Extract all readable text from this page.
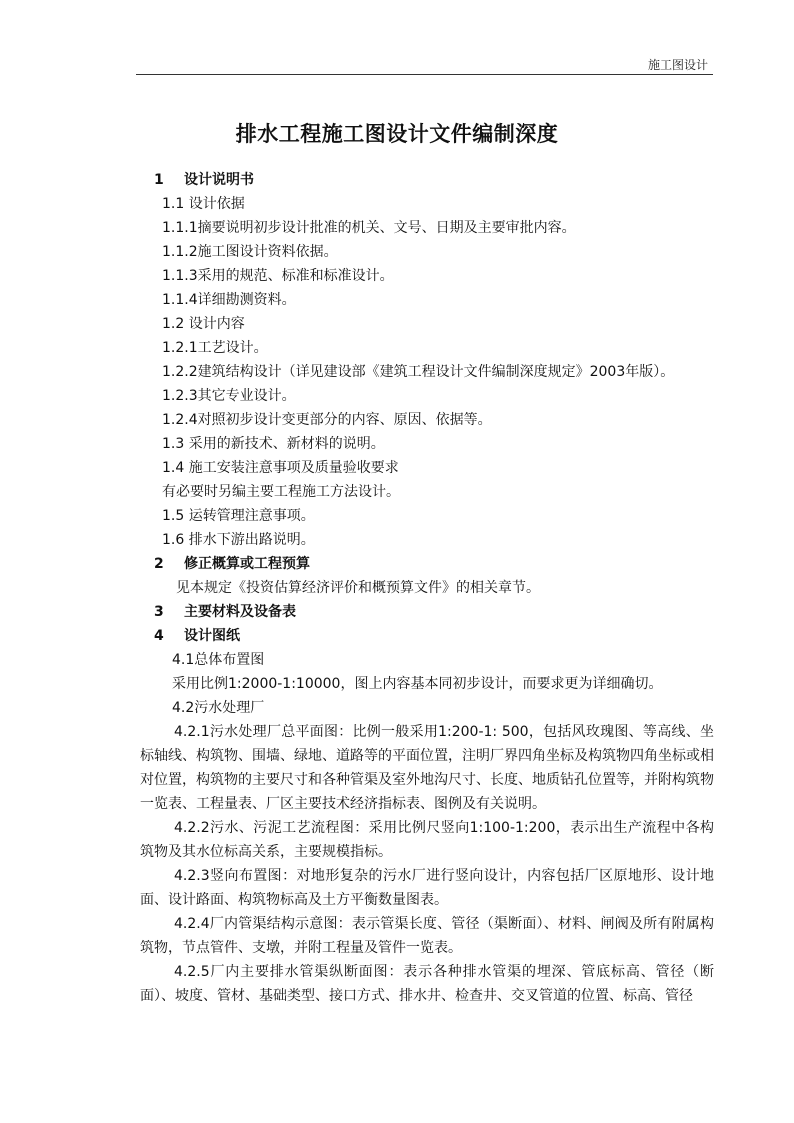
施工图设计
排水工程施工图设计文件编制深度
1 设计说明书
1.1 设计依据
1.1.1摘要说明初步设计批准的机关、文号、日期及主要审批内容。
1.1.2施工图设计资料依据。
1.1.3采用的规范、标准和标准设计。
1.1.4详细勘测资料。
1.2 设计内容
1.2.1工艺设计。
1.2.2建筑结构设计（详见建设部《建筑工程设计文件编制深度规定》2003年版）。
1.2.3其它专业设计。
1.2.4对照初步设计变更部分的内容、原因、依据等。
1.3 采用的新技术、新材料的说明。
1.4 施工安装注意事项及质量验收要求
有必要时另编主要工程施工方法设计。
1.5 运转管理注意事项。
1.6 排水下游出路说明。
2 修正概算或工程预算
见本规定《投资估算经济评价和概预算文件》的相关章节。
3 主要材料及设备表
4 设计图纸
4.1总体布置图
采用比例1:2000-1:10000，图上内容基本同初步设计，而要求更为详细确切。
4.2污水处理厂
4.2.1污水处理厂总平面图：比例一般采用1:200-1: 500，包括风玫瑰图、等高线、坐标轴线、构筑物、围墙、绿地、道路等的平面位置，注明厂界四角坐标及构筑物四角坐标或相对位置，构筑物的主要尺寸和各种管渠及室外地沟尺寸、长度、地质钻孔位置等，并附构筑物一览表、工程量表、厂区主要技术经济指标表、图例及有关说明。
4.2.2污水、污泥工艺流程图：采用比例尺竖向1:100-1:200，表示出生产流程中各构筑物及其水位标高关系，主要规模指标。
4.2.3竖向布置图：对地形复杂的污水厂进行竖向设计，内容包括厂区原地形、设计地面、设计路面、构筑物标高及土方平衡数量图表。
4.2.4厂内管渠结构示意图：表示管渠长度、管径（渠断面）、材料、闸阀及所有附属构筑物，节点管件、支墩，并附工程量及管件一览表。
4.2.5厂内主要排水管渠纵断面图：表示各种排水管渠的埋深、管底标高、管径（断面）、坡度、管材、基础类型、接口方式、排水井、检查井、交叉管道的位置、标高、管径
